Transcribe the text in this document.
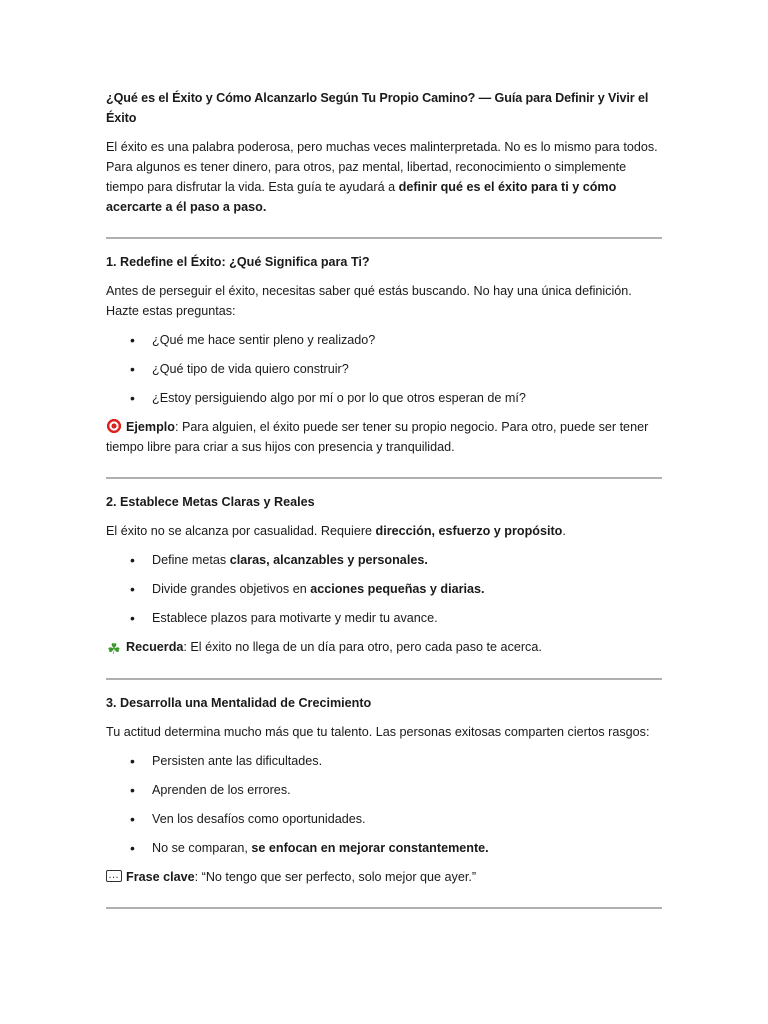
¿Qué es el Éxito y Cómo Alcanzarlo Según Tu Propio Camino? — Guía para Definir y Vivir el Éxito

El éxito es una palabra poderosa, pero muchas veces malinterpretada. No es lo mismo para todos. Para algunos es tener dinero, para otros, paz mental, libertad, reconocimiento o simplemente tiempo para disfrutar la vida. Esta guía te ayudará a definir qué es el éxito para ti y cómo acercarte a él paso a paso.

1. Redefine el Éxito: ¿Qué Significa para Ti?

Antes de perseguir el éxito, necesitas saber qué estás buscando. No hay una única definición. Hazte estas preguntas:

• ¿Qué me hace sentir pleno y realizado?
• ¿Qué tipo de vida quiero construir?
• ¿Estoy persiguiendo algo por mí o por lo que otros esperan de mí?

Ejemplo: Para alguien, el éxito puede ser tener su propio negocio. Para otro, puede ser tener tiempo libre para criar a sus hijos con presencia y tranquilidad.

2. Establece Metas Claras y Reales

El éxito no se alcanza por casualidad. Requiere dirección, esfuerzo y propósito.

• Define metas claras, alcanzables y personales.
• Divide grandes objetivos en acciones pequeñas y diarias.
• Establece plazos para motivarte y medir tu avance.

☘ Recuerda: El éxito no llega de un día para otro, pero cada paso te acerca.

3. Desarrolla una Mentalidad de Crecimiento

Tu actitud determina mucho más que tu talento. Las personas exitosas comparten ciertos rasgos:

• Persisten ante las dificultades.
• Aprenden de los errores.
• Ven los desafíos como oportunidades.
• No se comparan, se enfocan en mejorar constantemente.

…Frase clave: “No tengo que ser perfecto, solo mejor que ayer.”
